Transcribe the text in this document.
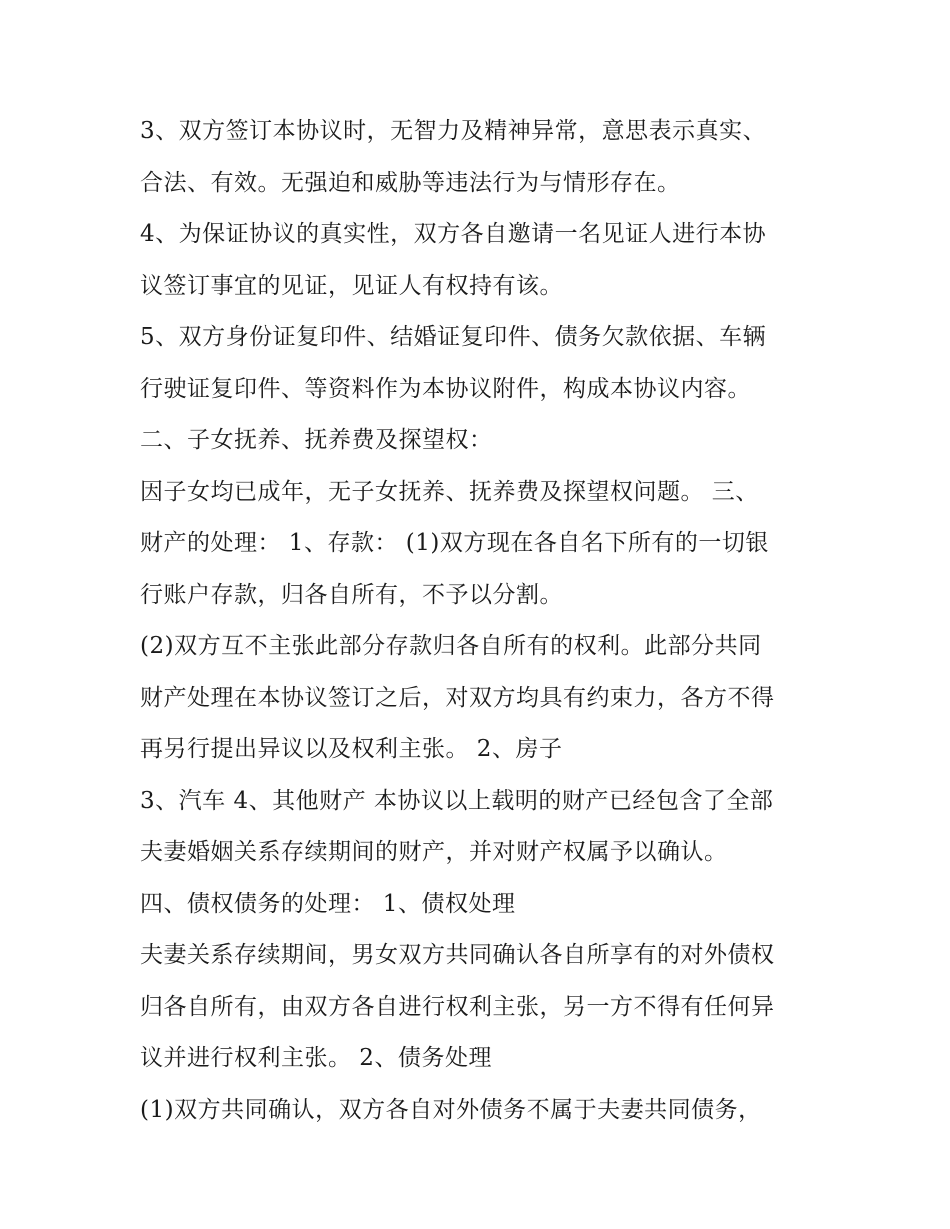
3、双方签订本协议时，无智力及精神异常，意思表示真实、
合法、有效。无强迫和威胁等违法行为与情形存在。
4、为保证协议的真实性，双方各自邀请一名见证人进行本协
议签订事宜的见证，见证人有权持有该。
5、双方身份证复印件、结婚证复印件、债务欠款依据、车辆
行驶证复印件、等资料作为本协议附件，构成本协议内容。
二、子女抚养、抚养费及探望权：
因子女均已成年，无子女抚养、抚养费及探望权问题。 三、
财产的处理： 1、存款： (1)双方现在各自名下所有的一切银
行账户存款，归各自所有，不予以分割。
(2)双方互不主张此部分存款归各自所有的权利。此部分共同
财产处理在本协议签订之后，对双方均具有约束力，各方不得
再另行提出异议以及权利主张。 2、房子
3、汽车 4、其他财产 本协议以上载明的财产已经包含了全部
夫妻婚姻关系存续期间的财产，并对财产权属予以确认。
四、债权债务的处理： 1、债权处理
夫妻关系存续期间，男女双方共同确认各自所享有的对外债权
归各自所有，由双方各自进行权利主张，另一方不得有任何异
议并进行权利主张。 2、债务处理
(1)双方共同确认，双方各自对外债务不属于夫妻共同债务，
